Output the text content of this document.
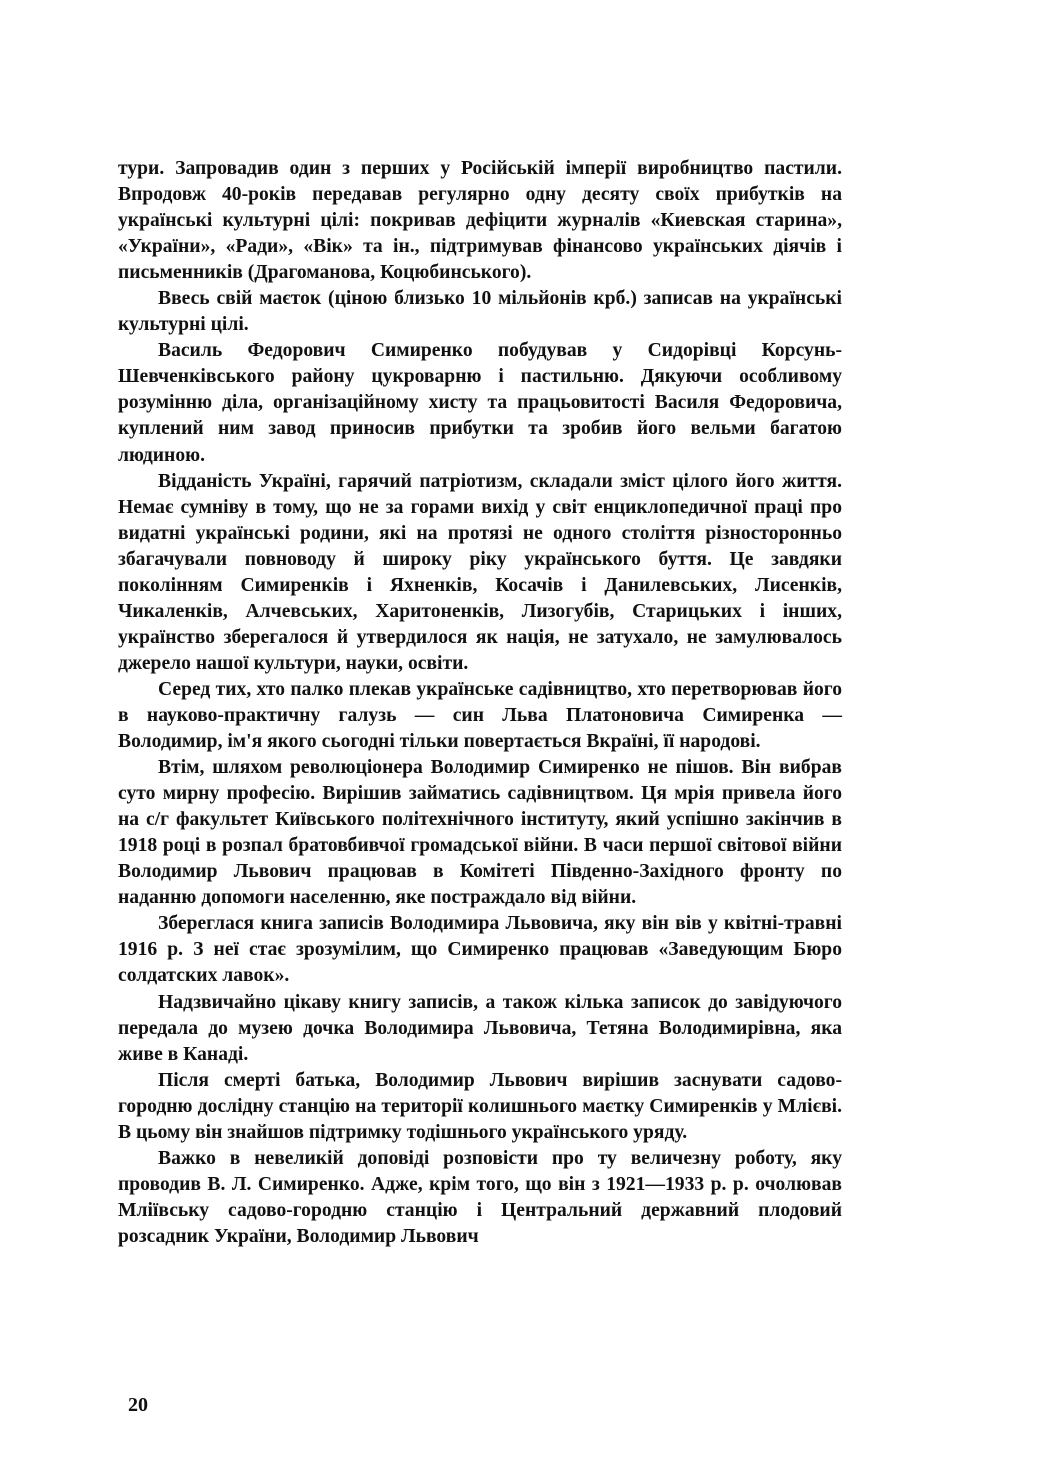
тури. Запровадив один з перших у Російській імперії виробництво пастили. Впродовж 40-років передавав регулярно одну десяту своїх прибутків на українські культурні цілі: покривав дефіцити журналів «Киевская старина», «України», «Ради», «Вік» та ін., підтримував фінансово українських діячів і письменників (Драгоманова, Коцюбинського).

Ввесь свій маєток (ціною близько 10 мільйонів крб.) записав на українські культурні цілі.

Василь Федорович Симиренко побудував у Сидорівці Корсунь-Шевченківського району цукроварню і пастильню. Дякуючи особливому розумінню діла, організаційному хисту та працьовитості Василя Федоровича, куплений ним завод приносив прибутки та зробив його вельми багатою людиною.

Відданість Україні, гарячий патріотизм, складали зміст цілого його життя. Немає сумніву в тому, що не за горами вихід у світ енциклопедичної праці про видатні українські родини, які на протязі не одного століття різносторонньо збагачували повноводу й широку ріку українського буття. Це завдяки поколінням Симиренків і Яхненків, Косачів і Данилевських, Лисенків, Чикаленків, Алчевських, Харитоненків, Лизогубів, Старицьких і інших, українство зберегалося й утвердилося як нація, не затухало, не замулювалось джерело нашої культури, науки, освіти.

Серед тих, хто палко плекав українське садівництво, хто перетворював його в науково-практичну галузь — син Льва Платоновича Симиренка — Володимир, ім'я якого сьогодні тільки повертається Вкраїні, її народові.

Втім, шляхом революціонера Володимир Симиренко не пішов. Він вибрав суто мирну професію. Вирішив займатись садівництвом. Ця мрія привела його на с/г факультет Київського політехнічного інституту, який успішно закінчив в 1918 році в розпал братовбивчої громадської війни. В часи першої світової війни Володимир Львович працював в Комітеті Південно-Західного фронту по наданню допомоги населенню, яке постраждало від війни.

Збереглася книга записів Володимира Львовича, яку він вів у квітні-травні 1916 р. З неї стає зрозумілим, що Симиренко працював «Заведующим Бюро солдатских лавок».

Надзвичайно цікаву книгу записів, а також кілька записок до завідуючого передала до музею дочка Володимира Львовича, Тетяна Володимирівна, яка живе в Канаді.

Після смерті батька, Володимир Львович вирішив заснувати садово-городню дослідну станцію на території колишнього маєтку Симиренків у Млієві. В цьому він знайшов підтримку тодішнього українського уряду.

Важко в невеликій доповіді розповісти про ту величезну роботу, яку проводив В. Л. Симиренко. Адже, крім того, що він з 1921—1933 р. р. очолював Мліївську садово-городню станцію і Центральний державний плодовий розсадник України, Володимир Львович

20
